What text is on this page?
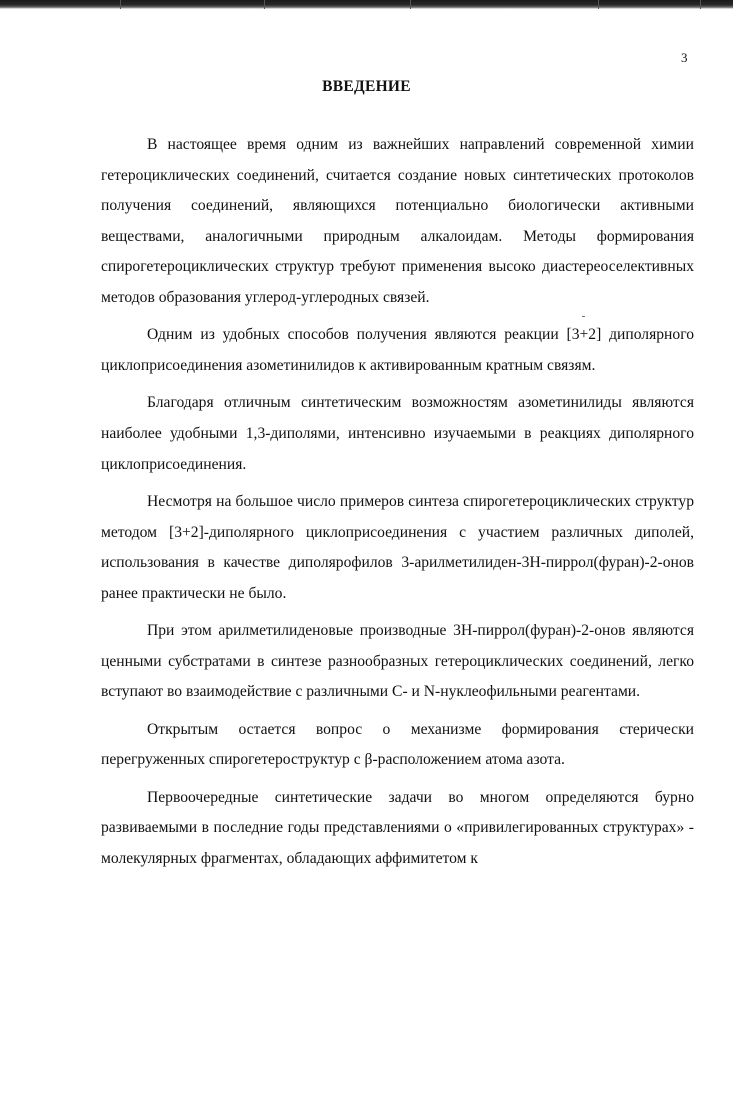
3
ВВЕДЕНИЕ

В настоящее время одним из важнейших направлений современной химии гетероциклических соединений, считается создание новых синтетических протоколов получения соединений, являющихся потенциально биологически активными веществами, аналогичными природным алкалоидам. Методы формирования спирогетероциклических структур требуют применения высоко диастереоселективных методов образования углерод-углеродных связей.

Одним из удобных способов получения являются реакции [3+2] диполярного циклоприсоединения азометинилидов к активированным кратным связям.

Благодаря отличным синтетическим возможностям азометинилиды являются наиболее удобными 1,3-диполями, интенсивно изучаемыми в реакциях диполярного циклоприсоединения.

Несмотря на большое число примеров синтеза спирогетероциклических структур методом [3+2]-диполярного циклоприсоединения с участием различных диполей, использования в качестве диполярофилов 3-арилметилиден-3Н-пиррол(фуран)-2-онов ранее практически не было.

При этом арилметилиденовые производные 3Н-пиррол(фуран)-2-онов являются ценными субстратами в синтезе разнообразных гетероциклических соединений, легко вступают во взаимодействие с различными С- и N-нуклеофильными реагентами.

Открытым остается вопрос о механизме формирования стерически перегруженных спирогетероструктур с β-расположением атома азота.

Первоочередные синтетические задачи во многом определяются бурно развиваемыми в последние годы представлениями о «привилегированных структурах» - молекулярных фрагментах, обладающих аффимитетом к
